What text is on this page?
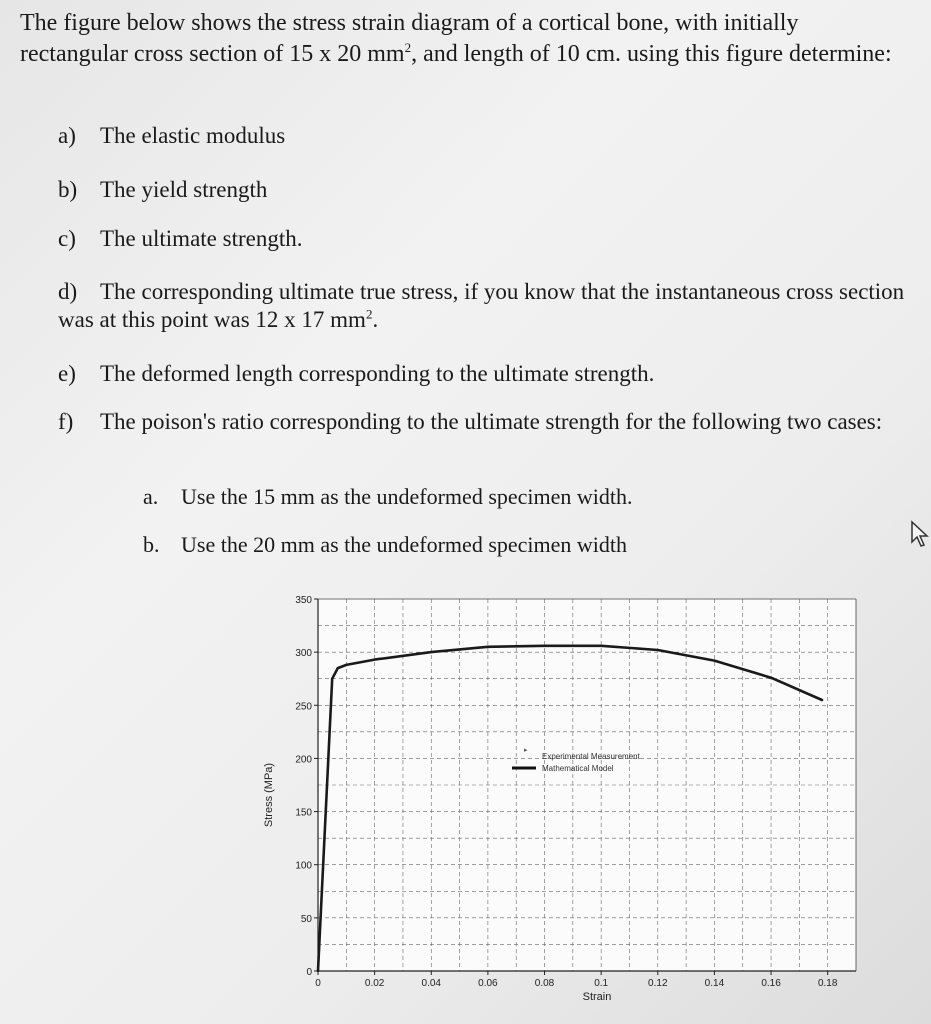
The figure below shows the stress strain diagram of a cortical bone, with initially rectangular cross section of 15 x 20 $mm^2$, and length of 10 cm. using this figure determine:
a) The elastic modulus
b) The yield strength
c) The ultimate strength.
d) The corresponding ultimate true stress, if you know that the instantaneous cross section was at this point was 12 x 17 $mm^2$.
e) The deformed length corresponding to the ultimate strength.
f) The poison's ratio corresponding to the ultimate strength for the following two cases:
a. Use the 15 mm as the undeformed specimen width.
b. Use the 20 mm as the undeformed specimen width
0
50
100
150
200
250
300
350
0	0.02	0.04	0.06	0.08	0.1	0.12	0.14	0.16	0.18
Strain
Stress (MPa)
▸
Experimental Measurement
Mathematical Model
